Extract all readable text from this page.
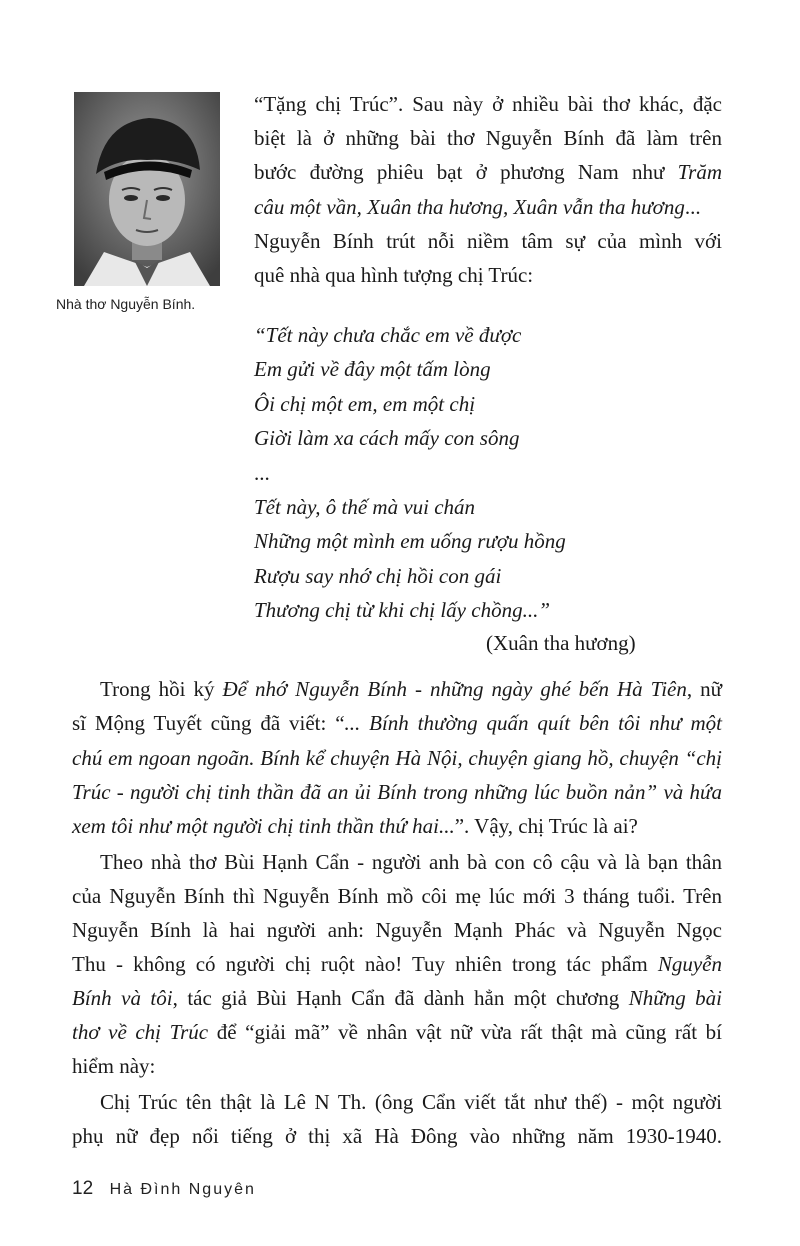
Nhà thơ Nguyễn Bính.
“Tặng chị Trúc”. Sau này ở nhiều bài thơ khác, đặc
biệt là ở những bài thơ Nguyễn Bính đã làm trên
bước đường phiêu bạt ở phương Nam như Trăm
câu một vần, Xuân tha hương, Xuân vẫn tha hương...
Nguyễn Bính trút nỗi niềm tâm sự của mình với
quê nhà qua hình tượng chị Trúc:
“Tết này chưa chắc em về được
Em gửi về đây một tấm lòng
Ôi chị một em, em một chị
Giời làm xa cách mấy con sông
...
Tết này, ô thế mà vui chán
Những một mình em uống rượu hồng
Rượu say nhớ chị hồi con gái
Thương chị từ khi chị lấy chồng...”
(Xuân tha hương)
Trong hồi ký Để nhớ Nguyễn Bính - những ngày ghé bến Hà Tiên, nữ
sĩ Mộng Tuyết cũng đã viết: “... Bính thường quấn quít bên tôi như một
chú em ngoan ngoãn. Bính kể chuyện Hà Nội, chuyện giang hồ, chuyện “chị
Trúc - người chị tinh thần đã an ủi Bính trong những lúc buồn nản” và hứa
xem tôi như một người chị tinh thần thứ hai...”. Vậy, chị Trúc là ai?
Theo nhà thơ Bùi Hạnh Cẩn - người anh bà con cô cậu và là bạn thân
của Nguyễn Bính thì Nguyễn Bính mồ côi mẹ lúc mới 3 tháng tuổi. Trên
Nguyễn Bính là hai người anh: Nguyễn Mạnh Phác và Nguyễn Ngọc
Thu - không có người chị ruột nào! Tuy nhiên trong tác phẩm Nguyễn
Bính và tôi, tác giả Bùi Hạnh Cẩn đã dành hẳn một chương Những bài
thơ về chị Trúc để “giải mã” về nhân vật nữ vừa rất thật mà cũng rất bí
hiểm này:
Chị Trúc tên thật là Lê N Th. (ông Cẩn viết tắt như thế) - một người
phụ nữ đẹp nổi tiếng ở thị xã Hà Đông vào những năm 1930-1940.
12 Hà Đình Nguyên
